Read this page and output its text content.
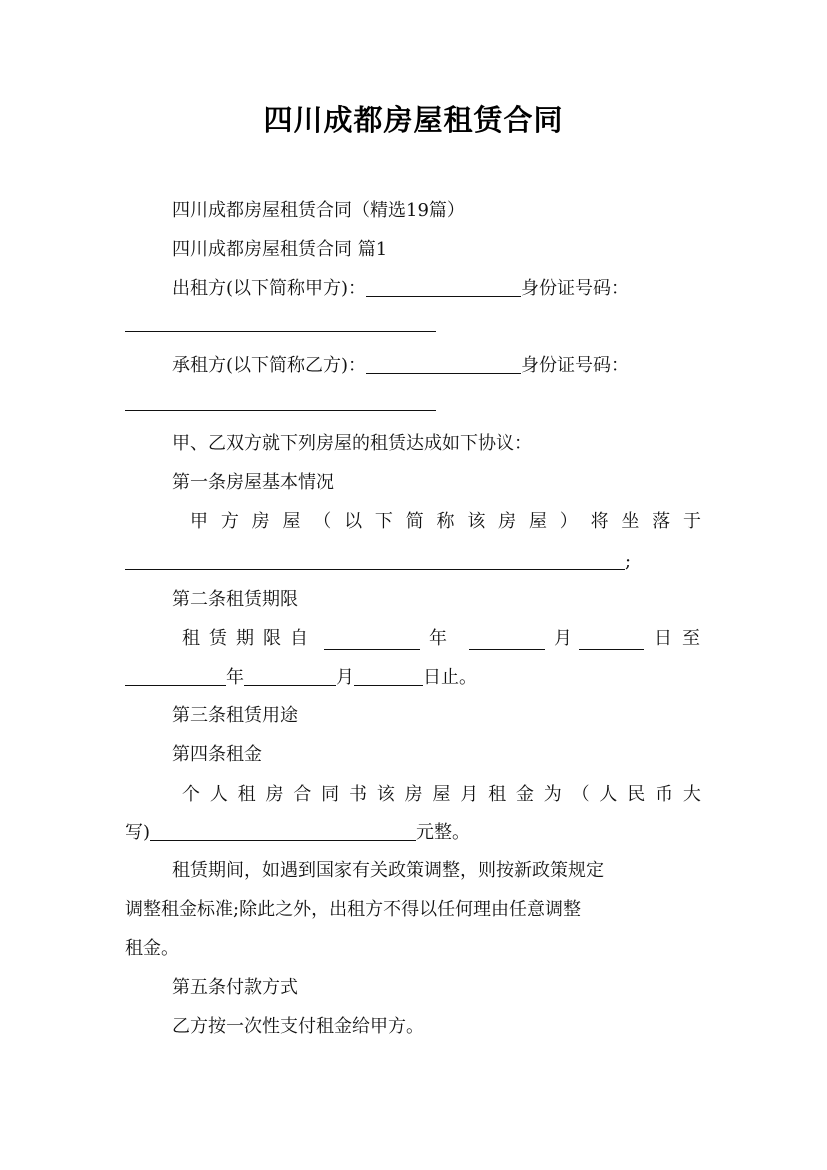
四川成都房屋租赁合同
四川成都房屋租赁合同（精选19篇）
四川成都房屋租赁合同 篇1
出租方(以下简称甲方)：	身份证号码：
承租方(以下简称乙方)：	身份证号码：
甲、乙双方就下列房屋的租赁达成如下协议：
第一条房屋基本情况
甲 方 房 屋 （ 以 下 简 称 该 房 屋 ） 将 坐 落 于
;
第二条租赁期限
租 赁 期 限 自	年	月	日 至
年	月	日止。
第三条租赁用途
第四条租金
个 人 租 房 合 同 书 该 房 屋 月 租 金 为 （ 人 民 币 大
写)	元整。
租赁期间，如遇到国家有关政策调整，则按新政策规定
调整租金标准;除此之外，出租方不得以任何理由任意调整
租金。
第五条付款方式
乙方按一次性支付租金给甲方。
